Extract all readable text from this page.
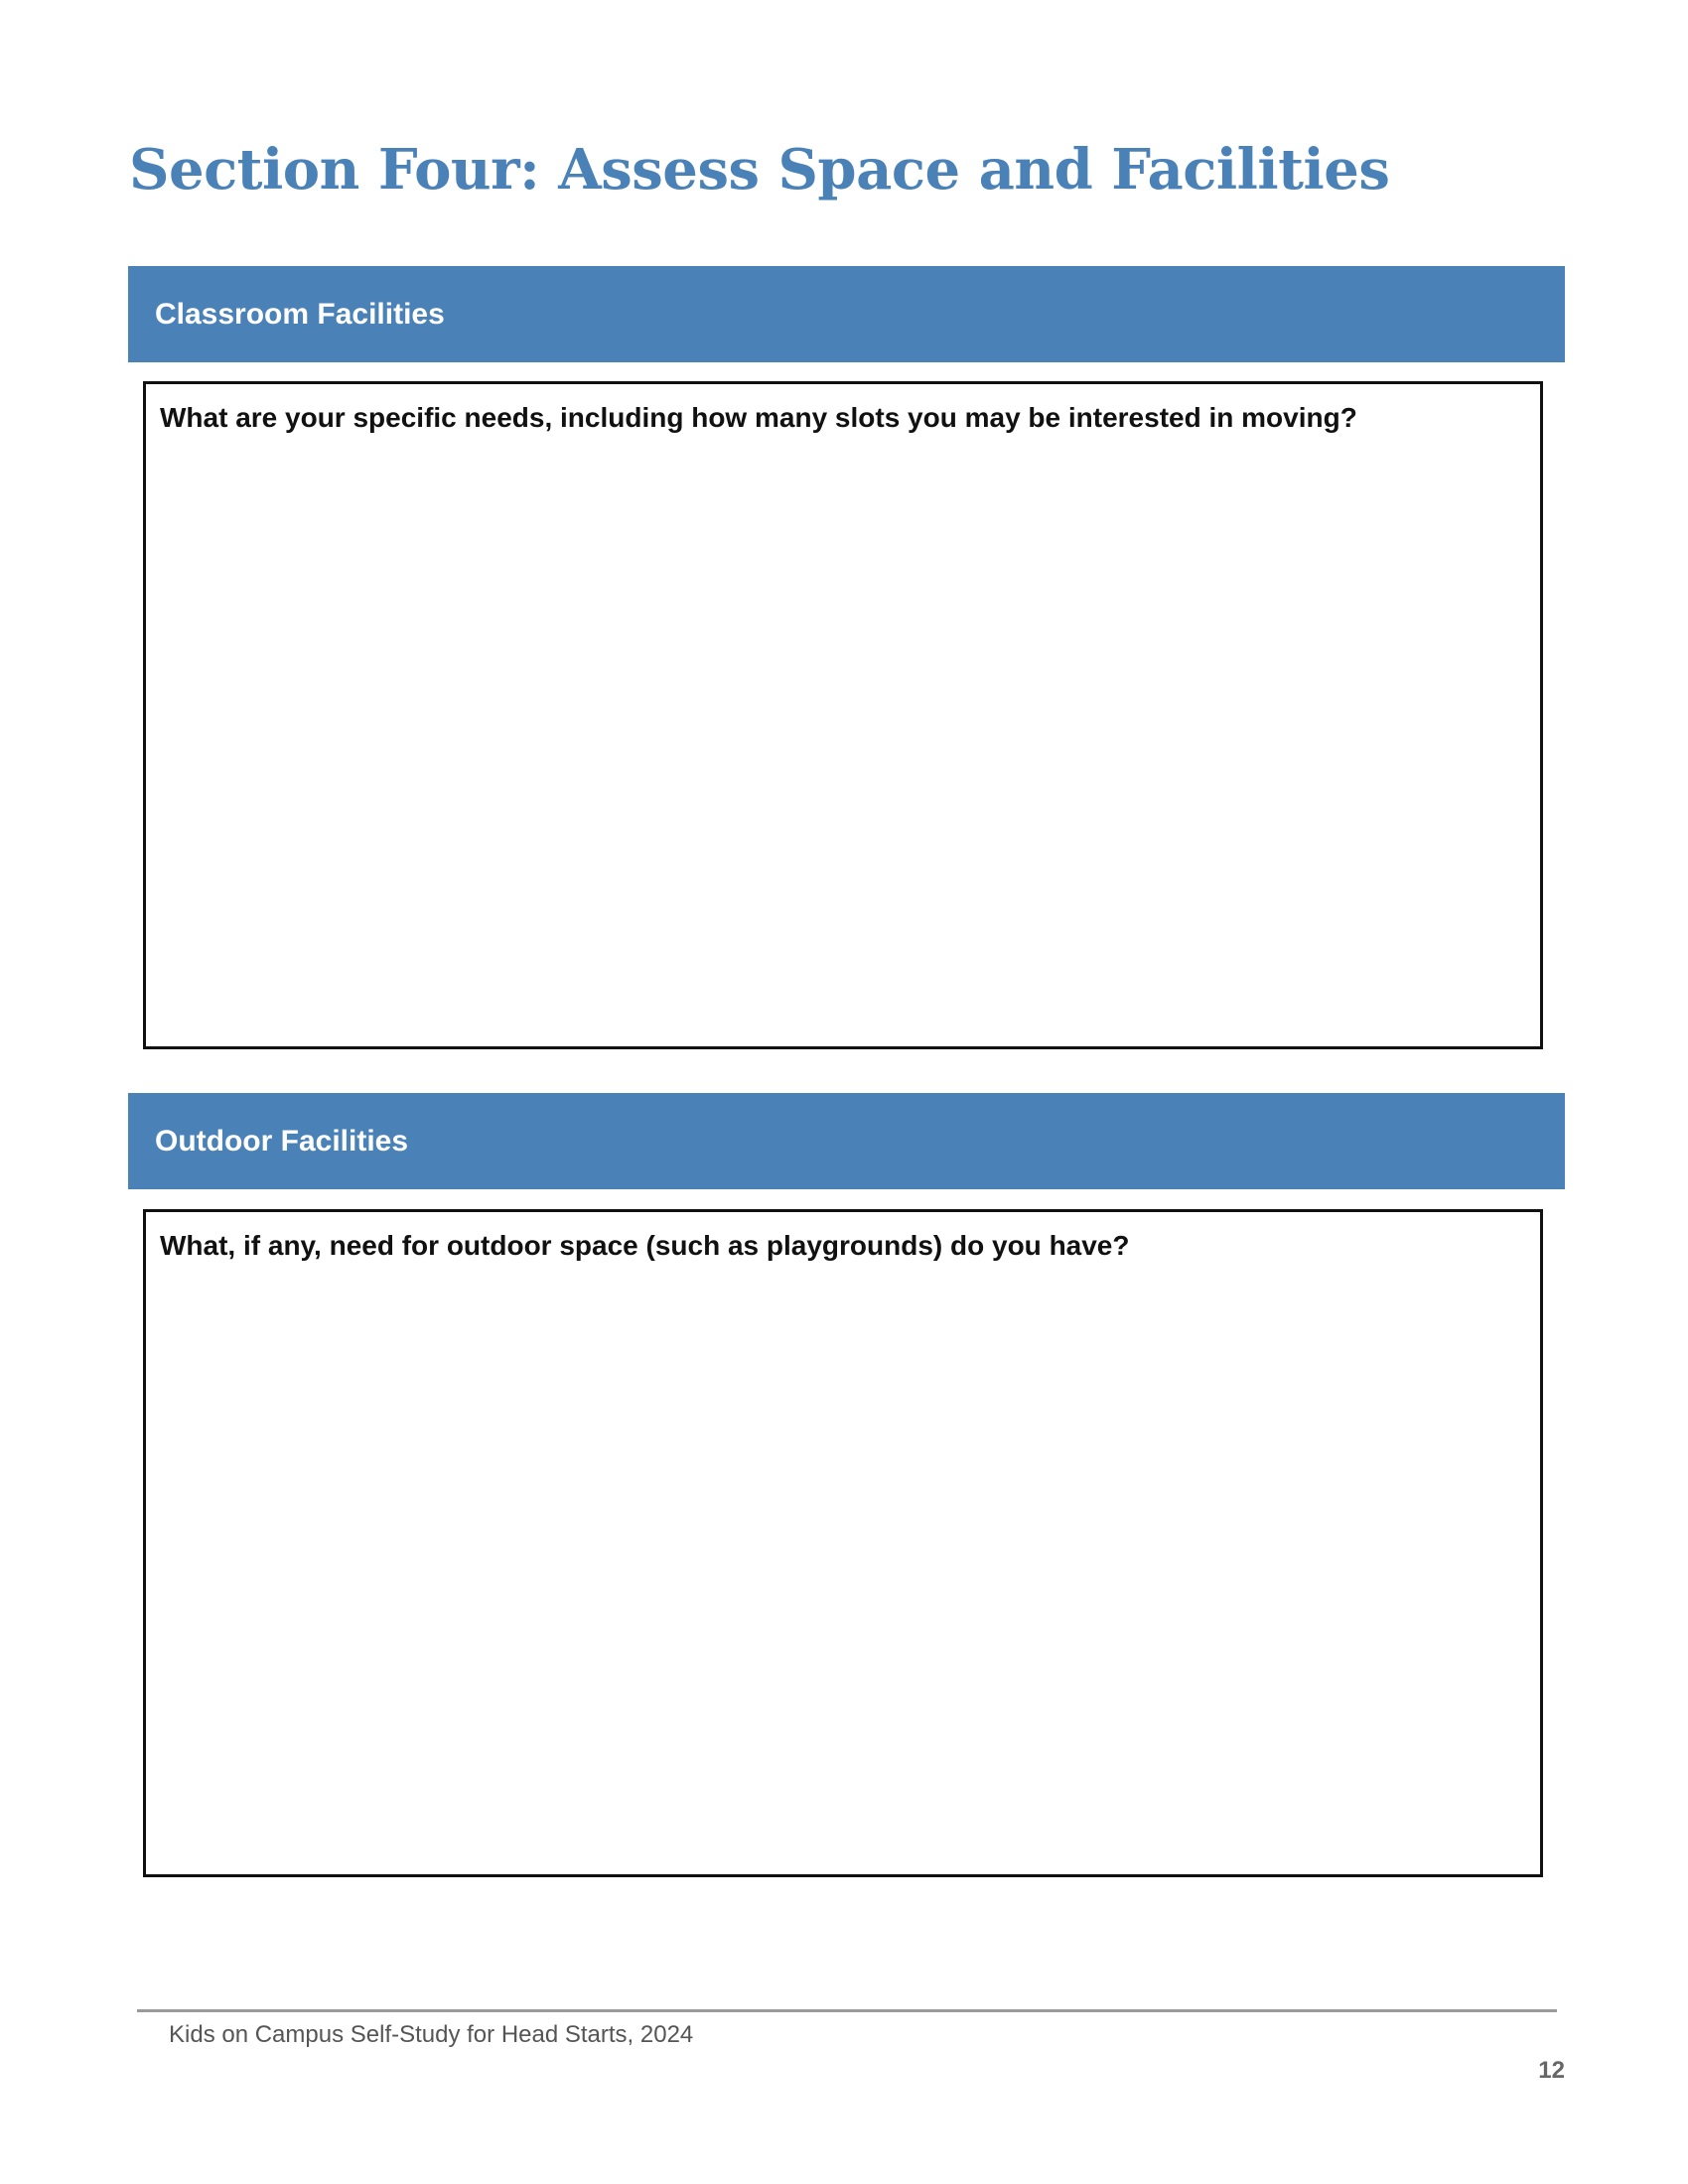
Section Four: Assess Space and Facilities
Classroom Facilities

What are your specific needs, including how many slots you may be interested in moving?

Outdoor Facilities

What, if any, need for outdoor space (such as playgrounds) do you have?

Kids on Campus Self-Study for Head Starts, 2024
12
